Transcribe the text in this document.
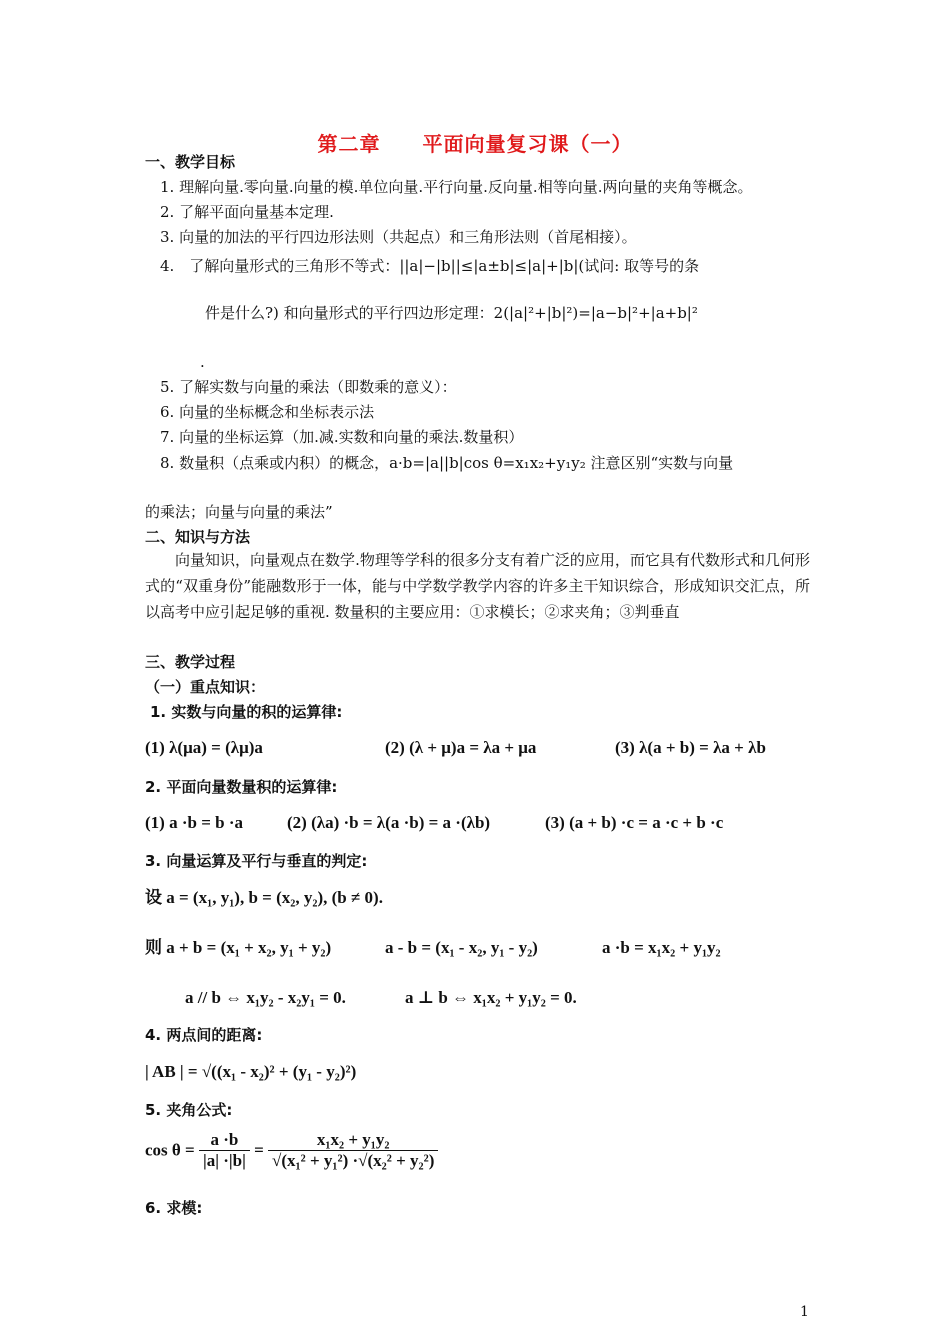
第二章　　平面向量复习课（一）
一、教学目标
1. 理解向量.零向量.向量的模.单位向量.平行向量.反向量.相等向量.两向量的夹角等概念。
2. 了解平面向量基本定理.
3. 向量的加法的平行四边形法则（共起点）和三角形法则（首尾相接）。
4.　了解向量形式的三角形不等式：||a|−|b||≤|a±b|≤|a|+|b|(试问: 取等号的条
件是什么?) 和向量形式的平行四边形定理：2(|a|²+|b|²)=|a−b|²+|a+b|²
.
5. 了解实数与向量的乘法（即数乘的意义）：
6. 向量的坐标概念和坐标表示法
7. 向量的坐标运算（加.减.实数和向量的乘法.数量积）
8. 数量积（点乘或内积）的概念，a·b=|a||b|cos θ=x₁x₂+y₁y₂ 注意区别“实数与向量
的乘法；向量与向量的乘法”
二、知识与方法
向量知识，向量观点在数学.物理等学科的很多分支有着广泛的应用，而它具有代数形式和几何形式的“双重身份”能融数形于一体，能与中学数学教学内容的许多主干知识综合，形成知识交汇点，所以高考中应引起足够的重视. 数量积的主要应用：①求模长；②求夹角；③判垂直
三、教学过程
（一）重点知识：
1. 实数与向量的积的运算律:
(1) λ(μa) = (λμ)a	(2) (λ + μ)a = λa + μa	(3) λ(a + b) = λa + λb
2. 平面向量数量积的运算律:
(1) a ·b = b ·a	(2) (λa) ·b = λ(a ·b) = a ·(λb)	(3) (a + b) ·c = a ·c + b ·c
3. 向量运算及平行与垂直的判定:
设 a = (x₁, y₁), b = (x₂, y₂), (b ≠ 0).
则 a + b = (x₁ + x₂, y₁ + y₂)	a - b = (x₁ - x₂, y₁ - y₂)	a ·b = x₁x₂ + y₁y₂
a // b ⇔ x₁y₂ - x₂y₁ = 0.	a ⊥ b ⇔ x₁x₂ + y₁y₂ = 0.
4. 两点间的距离:
| AB | = √((x₁ - x₂)² + (y₁ - y₂)²)
5. 夹角公式:
$\cos \theta = \frac{a \cdot b}{|a| \cdot|b|} = \frac{\text{x₁x₂ + y₁y₂}}{\text{√(x₁² + y₁²) ·√(x₂² + y₂²)}}$
6. 求模:
1
